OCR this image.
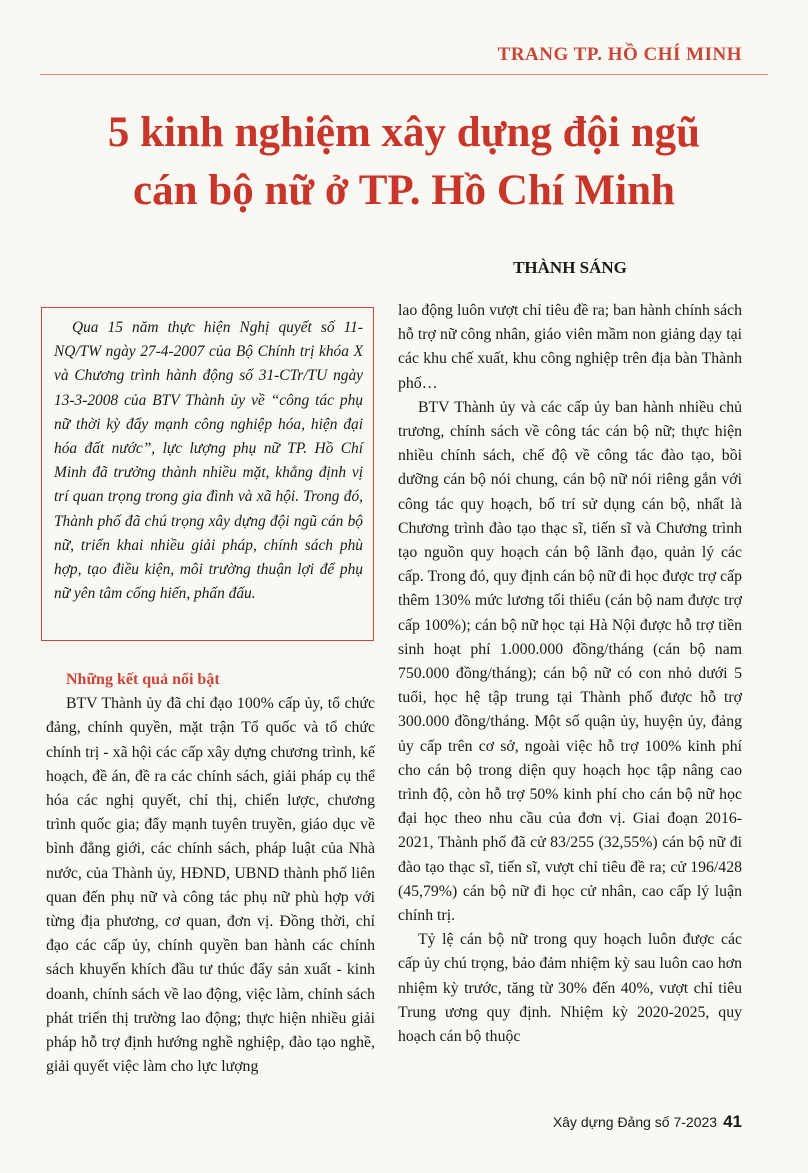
TRANG TP. HỒ CHÍ MINH
5 kinh nghiệm xây dựng đội ngũ
cán bộ nữ ở TP. Hồ Chí Minh
THÀNH SÁNG
Qua 15 năm thực hiện Nghị quyết số 11-NQ/TW ngày 27-4-2007 của Bộ Chính trị khóa X và Chương trình hành động số 31-CTr/TU ngày 13-3-2008 của BTV Thành ủy về “công tác phụ nữ thời kỳ đẩy mạnh công nghiệp hóa, hiện đại hóa đất nước”, lực lượng phụ nữ TP. Hồ Chí Minh đã trưởng thành nhiều mặt, khẳng định vị trí quan trọng trong gia đình và xã hội. Trong đó, Thành phố đã chú trọng xây dựng đội ngũ cán bộ nữ, triển khai nhiều giải pháp, chính sách phù hợp, tạo điều kiện, môi trường thuận lợi để phụ nữ yên tâm cống hiến, phấn đấu.

Những kết quả nổi bật

BTV Thành ủy đã chỉ đạo 100% cấp ủy, tổ chức đảng, chính quyền, mặt trận Tổ quốc và tổ chức chính trị - xã hội các cấp xây dựng chương trình, kế hoạch, đề án, đề ra các chính sách, giải pháp cụ thể hóa các nghị quyết, chỉ thị, chiến lược, chương trình quốc gia; đẩy mạnh tuyên truyền, giáo dục về bình đẳng giới, các chính sách, pháp luật của Nhà nước, của Thành ủy, HĐND, UBND thành phố liên quan đến phụ nữ và công tác phụ nữ phù hợp với từng địa phương, cơ quan, đơn vị. Đồng thời, chỉ đạo các cấp ủy, chính quyền ban hành các chính sách khuyến khích đầu tư thúc đẩy sản xuất - kinh doanh, chính sách về lao động, việc làm, chính sách phát triển thị trường lao động; thực hiện nhiều giải pháp hỗ trợ định hướng nghề nghiệp, đào tạo nghề, giải quyết việc làm cho lực lượng

lao động luôn vượt chỉ tiêu đề ra; ban hành chính sách hỗ trợ nữ công nhân, giáo viên mầm non giảng dạy tại các khu chế xuất, khu công nghiệp trên địa bàn Thành phố…

BTV Thành ủy và các cấp ủy ban hành nhiều chủ trương, chính sách về công tác cán bộ nữ; thực hiện nhiều chính sách, chế độ về công tác đào tạo, bồi dưỡng cán bộ nói chung, cán bộ nữ nói riêng gắn với công tác quy hoạch, bố trí sử dụng cán bộ, nhất là Chương trình đào tạo thạc sĩ, tiến sĩ và Chương trình tạo nguồn quy hoạch cán bộ lãnh đạo, quản lý các cấp. Trong đó, quy định cán bộ nữ đi học được trợ cấp thêm 130% mức lương tối thiểu (cán bộ nam được trợ cấp 100%); cán bộ nữ học tại Hà Nội được hỗ trợ tiền sinh hoạt phí 1.000.000 đồng/tháng (cán bộ nam 750.000 đồng/tháng); cán bộ nữ có con nhỏ dưới 5 tuổi, học hệ tập trung tại Thành phố được hỗ trợ 300.000 đồng/tháng. Một số quận ủy, huyện ủy, đảng ủy cấp trên cơ sở, ngoài việc hỗ trợ 100% kinh phí cho cán bộ trong diện quy hoạch học tập nâng cao trình độ, còn hỗ trợ 50% kinh phí cho cán bộ nữ học đại học theo nhu cầu của đơn vị. Giai đoạn 2016-2021, Thành phố đã cử 83/255 (32,55%) cán bộ nữ đi đào tạo thạc sĩ, tiến sĩ, vượt chỉ tiêu đề ra; cử 196/428 (45,79%) cán bộ nữ đi học cử nhân, cao cấp lý luận chính trị.

Tỷ lệ cán bộ nữ trong quy hoạch luôn được các cấp ủy chú trọng, bảo đảm nhiệm kỳ sau luôn cao hơn nhiệm kỳ trước, tăng từ 30% đến 40%, vượt chỉ tiêu Trung ương quy định. Nhiệm kỳ 2020-2025, quy hoạch cán bộ thuộc

Xây dựng Đảng số 7-2023 41
